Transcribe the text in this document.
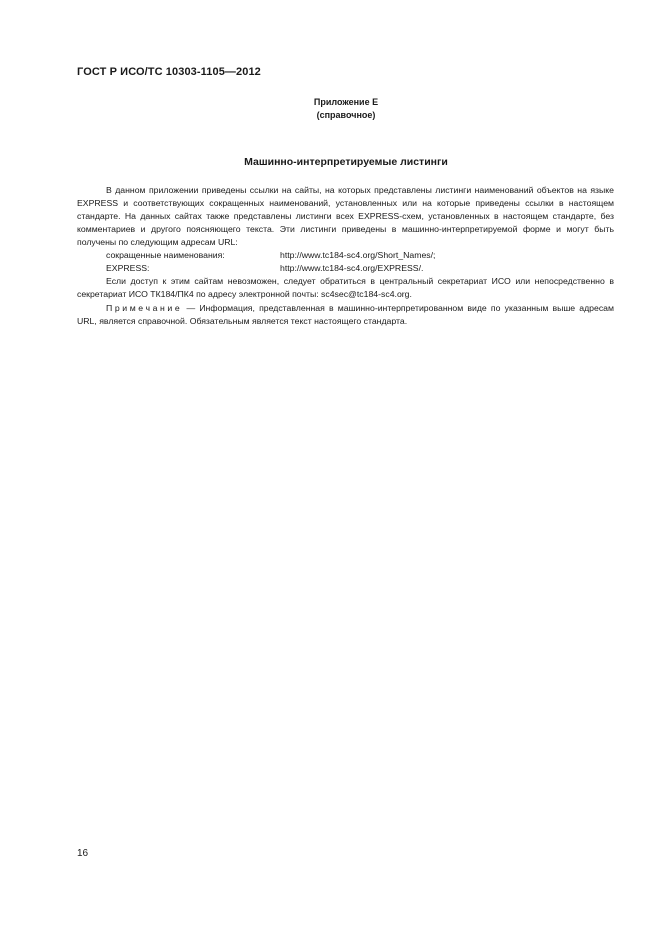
ГОСТ Р ИСО/ТС 10303-1105—2012
Приложение Е
(справочное)
Машинно-интерпретируемые листинги

В данном приложении приведены ссылки на сайты, на которых представлены листинги наименований объектов на языке EXPRESS и соответствующих сокращенных наименований, установленных или на которые приведены ссылки в настоящем стандарте. На данных сайтах также представлены листинги всех EXPRESS-схем, установленных в настоящем стандарте, без комментариев и другого поясняющего текста. Эти листинги приведены в машинно-интерпретируемой форме и могут быть получены по следующим адресам URL:

сокращенные наименования:	http://www.tc184-sc4.org/Short_Names/;
EXPRESS:	http://www.tc184-sc4.org/EXPRESS/.

Если доступ к этим сайтам невозможен, следует обратиться в центральный секретариат ИСО или непосредственно в секретариат ИСО ТК184/ПК4 по адресу электронной почты: sc4sec@tc184-sc4.org.

Примечание — Информация, представленная в машинно-интерпретированном виде по указанным выше адресам URL, является справочной. Обязательным является текст настоящего стандарта.

16
